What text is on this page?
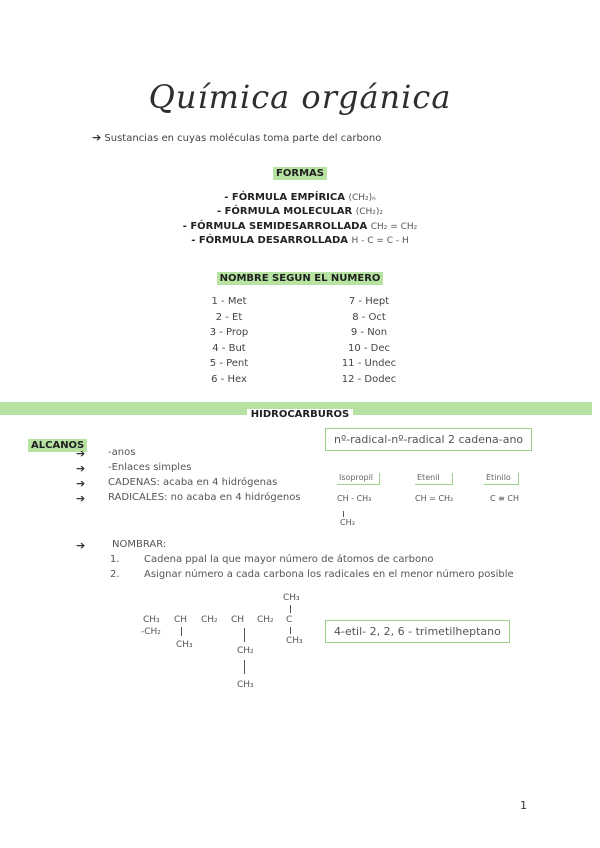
Química orgánica
➔ Sustancias en cuyas moléculas toma parte del carbono
FORMAS
- FÓRMULA EMPÍRICA (CH₂)ₙ
- FÓRMULA MOLECULAR (CH₂)₂
- FÓRMULA SEMIDESARROLLADA CH₂ = CH₂
- FÓRMULA DESARROLLADA H - C = C - H
NOMBRE SEGUN EL NUMERO
1 - Met
2 - Et
3 - Prop
4 - But
5 - Pent
6 - Hex
7 - Hept
8 - Oct
9 - Non
10 - Dec
11 - Undec
12 - Dodec
HIDROCARBUROS
ALCANOS
➔ -anos
➔ -Enlaces simples
➔ CADENAS: acaba en 4 hidrógenas
➔ RADICALES: no acaba en 4 hidrógenos
nº-radical-nº-radical 2 cadena-ano
Isopropil
CH - CH₃
CH₃
Etenil
CH = CH₂
Etinilo
C ≡ CH
➔	NOMBRAR:
1. Cadena ppal la que mayor número de átomos de carbono
2. Asignar número a cada carbona los radicales en el menor número posible
CH₃
CH₃
-CH₂
CH CH₂ CH CH₂ C
CH₃
CH₂
CH₃
CH₃
4-etil- 2, 2, 6 - trimetilheptano
1
